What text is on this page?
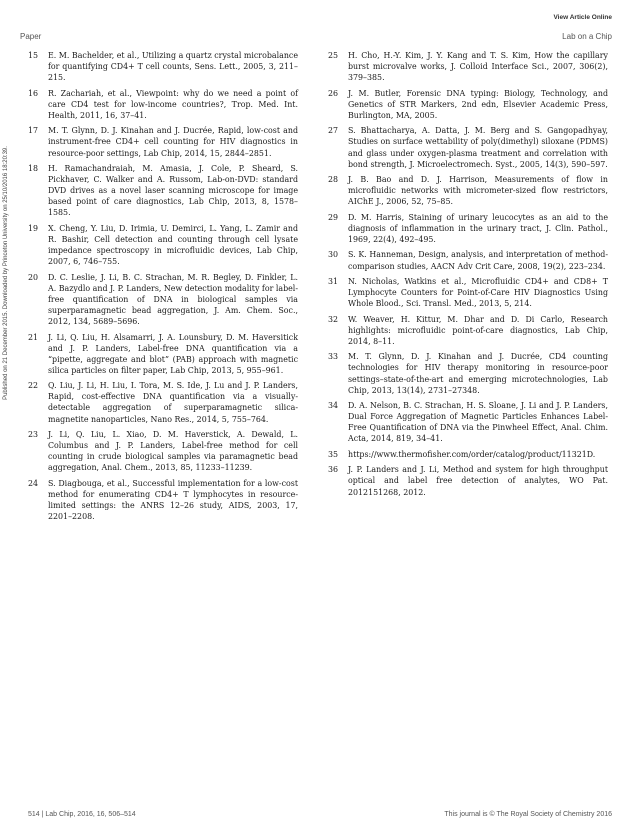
View Article Online
Paper	Lab on a Chip
Published on 21 December 2015. Downloaded by Princeton University on 25/10/2016 18:20:39.
15 E. M. Bachelder, et al., Utilizing a quartz crystal microbalance for quantifying CD4+ T cell counts, Sens. Lett., 2005, 3, 211–215.
16 R. Zachariah, et al., Viewpoint: why do we need a point of care CD4 test for low-income countries?, Trop. Med. Int. Health, 2011, 16, 37–41.
17 M. T. Glynn, D. J. Kinahan and J. Ducrée, Rapid, low-cost and instrument-free CD4+ cell counting for HIV diagnostics in resource-poor settings, Lab Chip, 2014, 15, 2844–2851.
18 H. Ramachandraiah, M. Amasia, J. Cole, P. Sheard, S. Pickhaver, C. Walker and A. Russom, Lab-on-DVD: standard DVD drives as a novel laser scanning microscope for image based point of care diagnostics, Lab Chip, 2013, 8, 1578–1585.
19 X. Cheng, Y. Liu, D. Irimia, U. Demirci, L. Yang, L. Zamir and R. Bashir, Cell detection and counting through cell lysate impedance spectroscopy in microfluidic devices, Lab Chip, 2007, 6, 746–755.
20 D. C. Leslie, J. Li, B. C. Strachan, M. R. Begley, D. Finkler, L. A. Bazydlo and J. P. Landers, New detection modality for label-free quantification of DNA in biological samples via superparamagnetic bead aggregation, J. Am. Chem. Soc., 2012, 134, 5689–5696.
21 J. Li, Q. Liu, H. Alsamarri, J. A. Lounsbury, D. M. Haversitick and J. P. Landers, Label-free DNA quantification via a “pipette, aggregate and blot” (PAB) approach with magnetic silica particles on filter paper, Lab Chip, 2013, 5, 955–961.
22 Q. Liu, J. Li, H. Liu, I. Tora, M. S. Ide, J. Lu and J. P. Landers, Rapid, cost-effective DNA quantification via a visually-detectable aggregation of superparamagnetic silica-magnetite nanoparticles, Nano Res., 2014, 5, 755–764.
23 J. Li, Q. Liu, L. Xiao, D. M. Haverstick, A. Dewald, L. Columbus and J. P. Landers, Label-free method for cell counting in crude biological samples via paramagnetic bead aggregation, Anal. Chem., 2013, 85, 11233–11239.
24 S. Diagbouga, et al., Successful implementation for a low-cost method for enumerating CD4+ T lymphocytes in resource-limited settings: the ANRS 12–26 study, AIDS, 2003, 17, 2201–2208.
25 H. Cho, H.-Y. Kim, J. Y. Kang and T. S. Kim, How the capillary burst microvalve works, J. Colloid Interface Sci., 2007, 306(2), 379–385.
26 J. M. Butler, Forensic DNA typing: Biology, Technology, and Genetics of STR Markers, 2nd edn, Elsevier Academic Press, Burlington, MA, 2005.
27 S. Bhattacharya, A. Datta, J. M. Berg and S. Gangopadhyay, Studies on surface wettability of poly(dimethyl) siloxane (PDMS) and glass under oxygen-plasma treatment and correlation with bond strength, J. Microelectromech. Syst., 2005, 14(3), 590–597.
28 J. B. Bao and D. J. Harrison, Measurements of flow in microfluidic networks with micrometer-sized flow restrictors, AIChE J., 2006, 52, 75–85.
29 D. M. Harris, Staining of urinary leucocytes as an aid to the diagnosis of inflammation in the urinary tract, J. Clin. Pathol., 1969, 22(4), 492–495.
30 S. K. Hanneman, Design, analysis, and interpretation of method-comparison studies, AACN Adv Crit Care, 2008, 19(2), 223–234.
31 N. Nicholas, Watkins et al., Microfluidic CD4+ and CD8+ T Lymphocyte Counters for Point-of-Care HIV Diagnostics Using Whole Blood., Sci. Transl. Med., 2013, 5, 214.
32 W. Weaver, H. Kittur, M. Dhar and D. Di Carlo, Research highlights: microfluidic point-of-care diagnostics, Lab Chip, 2014, 8–11.
33 M. T. Glynn, D. J. Kinahan and J. Ducrée, CD4 counting technologies for HIV therapy monitoring in resource-poor settings–state-of-the-art and emerging microtechnologies, Lab Chip, 2013, 13(14), 2731–27348.
34 D. A. Nelson, B. C. Strachan, H. S. Sloane, J. Li and J. P. Landers, Dual Force Aggregation of Magnetic Particles Enhances Label-Free Quantification of DNA via the Pinwheel Effect, Anal. Chim. Acta, 2014, 819, 34–41.
35 https://www.thermofisher.com/order/catalog/product/11321D.
36 J. P. Landers and J. Li, Method and system for high throughput optical and label free detection of analytes, WO Pat. 2012151268, 2012.
514 | Lab Chip, 2016, 16, 506–514	This journal is © The Royal Society of Chemistry 2016
